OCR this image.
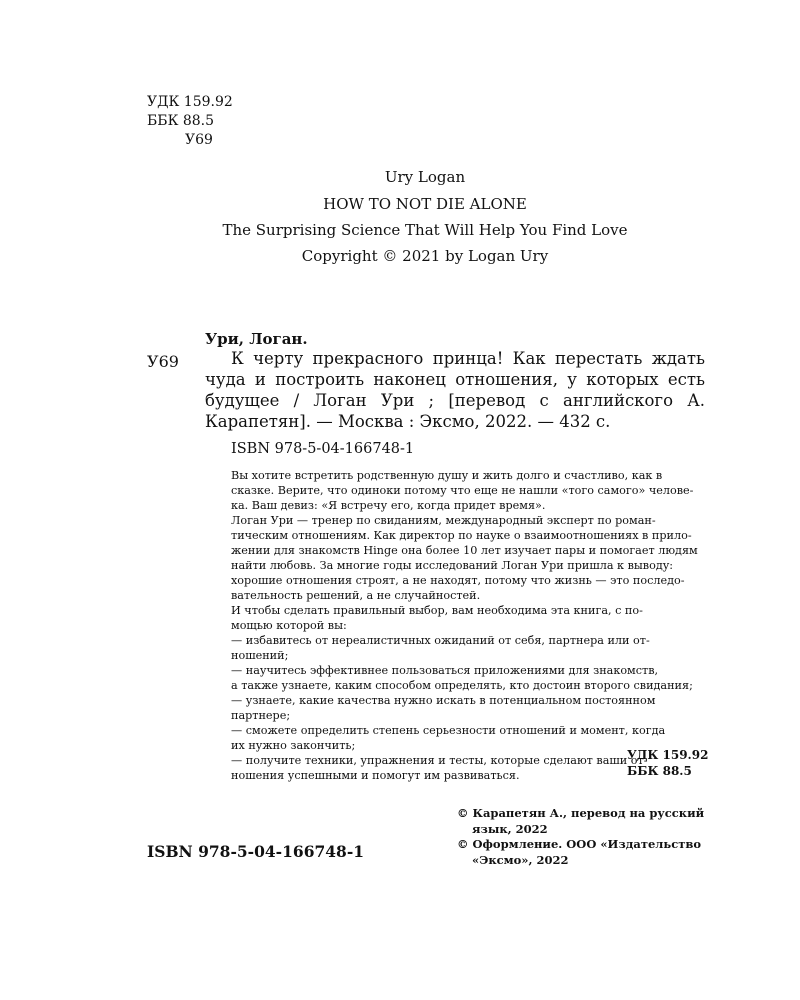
УДК 159.92
ББК 88.5
У69
Ury Logan
HOW TO NOT DIE ALONE
The Surprising Science That Will Help You Find Love
Copyright © 2021 by Logan Ury
Ури, Логан.
У69	К черту прекрасного принца! Как перестать ждать чуда и построить наконец отношения, у которых есть будущее / Логан Ури ; [перевод с английского А. Карапетян]. — Москва : Эксмо, 2022. — 432 с.
ISBN 978-5-04-166748-1

Вы хотите встретить родственную душу и жить долго и счастливо, как в

сказке. Верите, что одиноки потому что еще не нашли «того самого» челове-

ка. Ваш девиз: «Я встречу его, когда придет время».

Логан Ури — тренер по свиданиям, международный эксперт по роман-

тическим отношениям. Как директор по науке о взаимоотношениях в прило-

жении для знакомств Hinge она более 10 лет изучает пары и помогает людям

найти любовь. За многие годы исследований Логан Ури пришла к выводу:

хорошие отношения строят, а не находят, потому что жизнь — это последо-

вательность решений, а не случайностей.

И чтобы сделать правильный выбор, вам необходима эта книга, с по-

мощью которой вы:

— избавитесь от нереалистичных ожиданий от себя, партнера или от-

ношений;

— научитесь эффективнее пользоваться приложениями для знакомств,

а также узнаете, каким способом определять, кто достоин второго свидания;

— узнаете, какие качества нужно искать в потенциальном постоянном

партнере;

— сможете определить степень серьезности отношений и момент, когда

их нужно закончить;

— получите техники, упражнения и тесты, которые сделают ваши от-

ношения успешными и помогут им развиваться.

УДК 159.92
ББК 88.5
ISBN 978-5-04-166748-1
© Карапетян А., перевод на русский
язык, 2022
© Оформление. ООО «Издательство
«Эксмо», 2022
